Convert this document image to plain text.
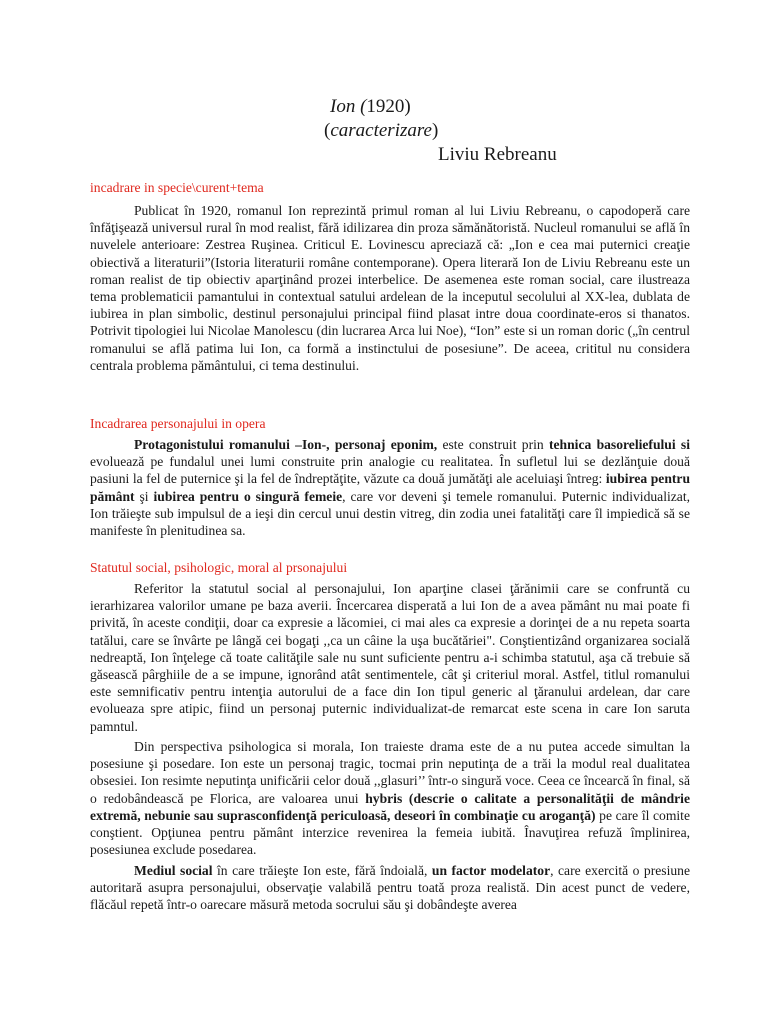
Ion (1920)
(caracterizare)
Liviu Rebreanu
incadrare in specie\curent+tema

Publicat în 1920, romanul Ion reprezintă primul roman al lui Liviu Rebreanu, o capodoperă care înfăţişează universul rural în mod realist, fără idilizarea din proza sămănătoristă. Nucleul romanului se află în nuvelele anterioare: Zestrea Ruşinea. Criticul E. Lovinescu apreciază că: „Ion e cea mai puternici creaţie obiectivă a literaturii”(Istoria literaturii române contemporane). Opera literară Ion de Liviu Rebreanu este un roman realist de tip obiectiv aparţinând prozei interbelice. De asemenea este roman social, care ilustreaza tema problematicii pamantului in contextual satului ardelean de la inceputul secolului al XX-lea, dublata de iubirea in plan simbolic, destinul personajului principal fiind plasat intre doua coordinate-eros si thanatos. Potrivit tipologiei lui Nicolae Manolescu (din lucrarea Arca lui Noe), “Ion” este si un roman doric („în centrul romanului se află patima lui Ion, ca formă a instinctului de posesiune”. De aceea, crititul nu considera centrala problema pământului, ci tema destinului.

Incadrarea personajului in opera

Protagonistului romanului –Ion-, personaj eponim, este construit prin tehnica basoreliefului si evoluează pe fundalul unei lumi construite prin analogie cu realitatea. În sufletul lui se dezlănţuie două pasiuni la fel de puternice şi la fel de îndreptăţite, văzute ca două jumătăţi ale aceluiaşi întreg: iubirea pentru pământ şi iubirea pentru o singură femeie, care vor deveni şi temele romanului. Puternic individualizat, Ion trăieşte sub impulsul de a ieşi din cercul unui destin vitreg, din zodia unei fatalităţi care îl impiedică să se manifeste în plenitudinea sa.

Statutul social, psihologic, moral al prsonajului

Referitor la statutul social al personajului, Ion aparţine clasei ţărănimii care se confruntă cu ierarhizarea valorilor umane pe baza averii. Încercarea disperată a lui Ion de a avea pământ nu mai poate fi privită, în aceste condiţii, doar ca expresie a lăcomiei, ci mai ales ca expresie a dorinţei de a nu repeta soarta tatălui, care se învârte pe lângă cei bogaţi ,,ca un câine la uşa bucătăriei". Conştientizând organizarea socială nedreaptă, Ion înţelege că toate calităţile sale nu sunt suficiente pentru a-i schimba statutul, aşa că trebuie să găsească pârghiile de a se impune, ignorând atât sentimentele, cât şi criteriul moral. Astfel, titlul romanului este semnificativ pentru intenţia autorului de a face din Ion tipul generic al ţăranului ardelean, dar care evolueaza spre atipic, fiind un personaj puternic individualizat-de remarcat este scena in care Ion saruta pamntul.

Din perspectiva psihologica si morala, Ion traieste drama este de a nu putea accede simultan la posesiune şi posedare. Ion este un personaj tragic, tocmai prin neputinţa de a trăi la modul real dualitatea obsesiei. Ion resimte neputinţa unificării celor două ,,glasuri’’ într-o singură voce. Ceea ce încearcă în final, să o redobândească pe Florica, are valoarea unui hybris (descrie o calitate a personalităţii de mândrie extremă, nebunie sau suprasconfidenţă periculoasă, deseori în combinaţie cu aroganţă) pe care îl comite conştient. Opţiunea pentru pământ interzice revenirea la femeia iubită. Înavuţirea refuză împlinirea, posesiunea exclude posedarea.

Mediul social în care trăieşte Ion este, fără îndoială, un factor modelator, care exercită o presiune autoritară asupra personajului, observaţie valabilă pentru toată proza realistă. Din acest punct de vedere, flăcăul repetă într-o oarecare măsură metoda socrului său şi dobândeşte averea
